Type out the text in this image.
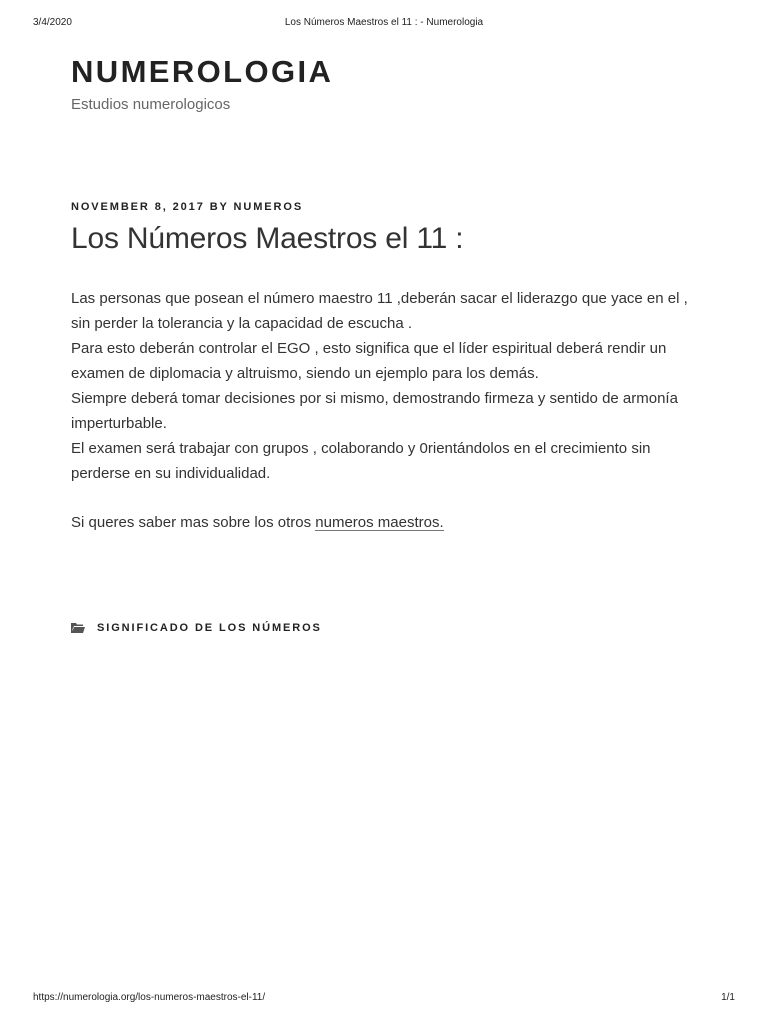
3/4/2020	Los Números Maestros el 11 : - Numerologia
NUMEROLOGIA
Estudios numerologicos
NOVEMBER 8, 2017 BY NUMEROS
Los Números Maestros el 11 :

Las personas que posean el número maestro 11 ,deberán sacar el liderazgo que yace en el , sin perder la tolerancia y la capacidad de escucha .

Para esto deberán controlar el EGO , esto significa que el líder espiritual deberá rendir un examen de diplomacia y altruismo, siendo un ejemplo para los demás.

Siempre deberá tomar decisiones por si mismo, demostrando firmeza y sentido de armonía imperturbable.

El examen será trabajar con grupos , colaborando y 0rientándolos en el crecimiento sin perderse en su individualidad.

Si queres saber mas sobre los otros numeros maestros.

SIGNIFICADO DE LOS NÚMEROS
https://numerologia.org/los-numeros-maestros-el-11/	1/1
